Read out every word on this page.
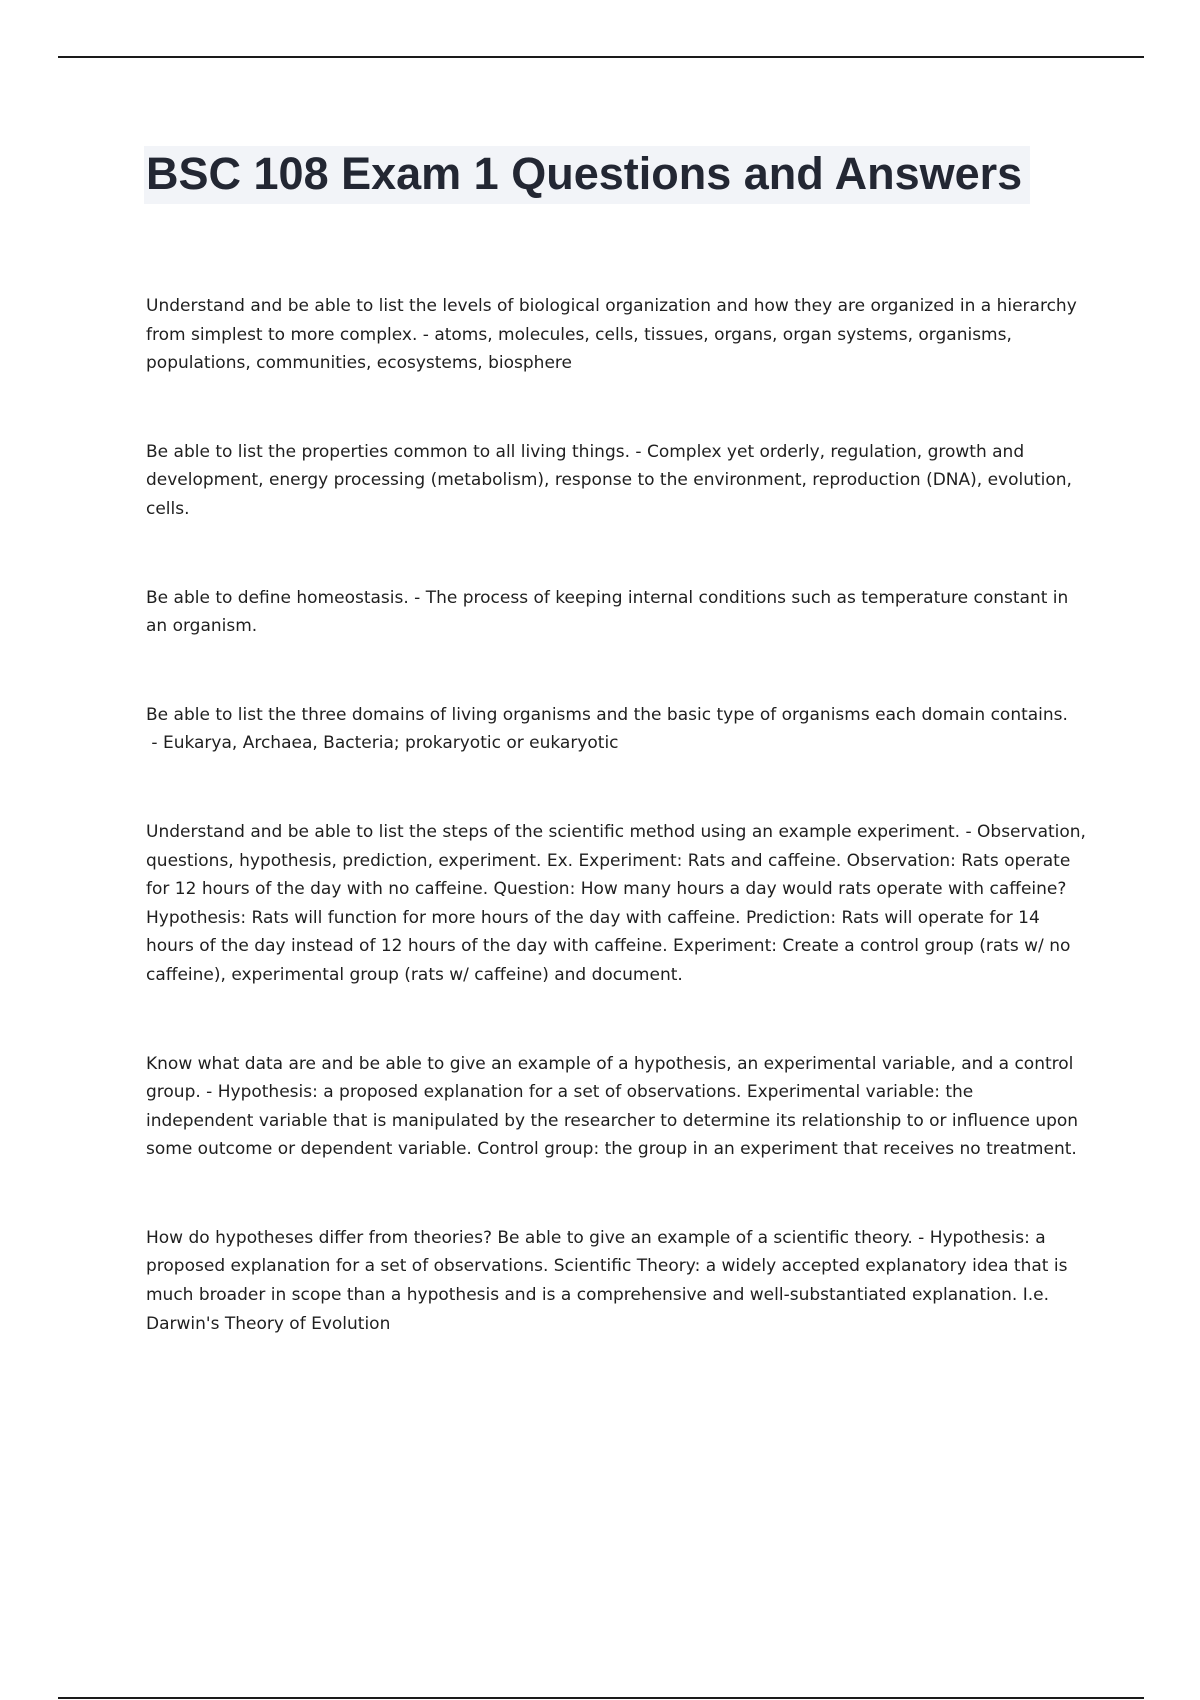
BSC 108 Exam 1 Questions and Answers

Understand and be able to list the levels of biological organization and how they are organized in a hierarchy from simplest to more complex. - atoms, molecules, cells, tissues, organs, organ systems, organisms, populations, communities, ecosystems, biosphere

Be able to list the properties common to all living things. - Complex yet orderly, regulation, growth and development, energy processing (metabolism), response to the environment, reproduction (DNA), evolution, cells.

Be able to define homeostasis. - The process of keeping internal conditions such as temperature constant in an organism.

Be able to list the three domains of living organisms and the basic type of organisms each domain contains. - Eukarya, Archaea, Bacteria; prokaryotic or eukaryotic

Understand and be able to list the steps of the scientific method using an example experiment. - Observation, questions, hypothesis, prediction, experiment. Ex. Experiment: Rats and caffeine. Observation: Rats operate for 12 hours of the day with no caffeine. Question: How many hours a day would rats operate with caffeine? Hypothesis: Rats will function for more hours of the day with caffeine. Prediction: Rats will operate for 14 hours of the day instead of 12 hours of the day with caffeine. Experiment: Create a control group (rats w/ no caffeine), experimental group (rats w/ caffeine) and document.

Know what data are and be able to give an example of a hypothesis, an experimental variable, and a control group. - Hypothesis: a proposed explanation for a set of observations. Experimental variable: the independent variable that is manipulated by the researcher to determine its relationship to or influence upon some outcome or dependent variable. Control group: the group in an experiment that receives no treatment.

How do hypotheses differ from theories? Be able to give an example of a scientific theory. - Hypothesis: a proposed explanation for a set of observations. Scientific Theory: a widely accepted explanatory idea that is much broader in scope than a hypothesis and is a comprehensive and well-substantiated explanation. I.e. Darwin's Theory of Evolution
